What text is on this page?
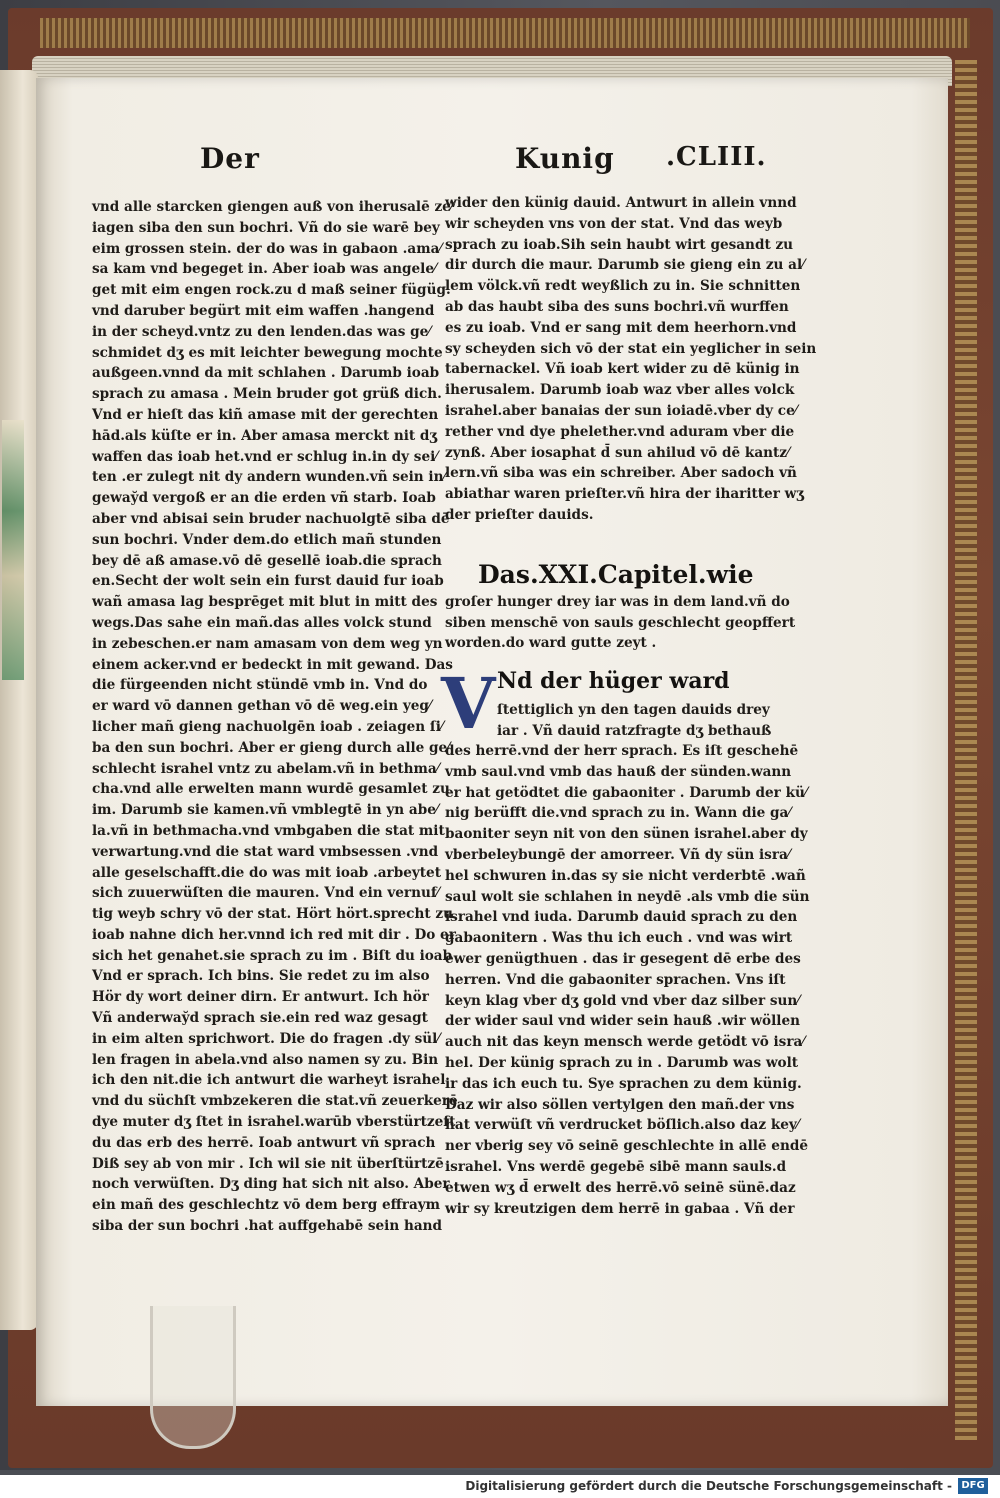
Der	Kunig .CLIII.
vnd alle starcken giengen auß von iherusalē ze⁄
iagen siba den sun bochri. Vñ do sie warē bey
eim grossen stein. der do was in gabaon .ama⁄
sa kam vnd begeget in. Aber ioab was angele⁄
get mit eim engen rock.zu d maß seiner fügüg.
vnd daruber begürt mit eim waffen .hangend
in der scheyd.vntz zu den lenden.das was ge⁄
schmidet dʒ es mit leichter bewegung mochte
außgeen.vnnd da mit schlahen . Darumb ioab
sprach zu amasa . Mein bruder got grüß dich.
Vnd er hieſt das kiñ amase mit der gerechten
hād.als küſte er in. Aber amasa merckt nit dʒ
waffen das ioab het.vnd er schlug in.in dy sei⁄
ten .er zulegt nit dy andern wunden.vñ sein in⁄
geway̆d vergoß er an die erden vñ starb. Ioab
aber vnd abisai sein bruder nachuolgtē siba dē
sun bochri. Vnder dem.do etlich mañ stunden
bey dē aß amase.vō dē gesellē ioab.die sprach
en.Secht der wolt sein ein furst dauid fur ioab
wañ amasa lag besprēget mit blut in mitt des
wegs.Das sahe ein mañ.das alles volck stund
in zebeschen.er nam amasam von dem weg yn
einem acker.vnd er bedeckt in mit gewand. Das
die fürgeenden nicht stündē vmb in. Vnd do
er ward vō dannen gethan vō dē weg.ein yeg⁄
licher mañ gieng nachuolgēn ioab . zeiagen ſi⁄
ba den sun bochri. Aber er gieng durch alle ge⁄
schlecht israhel vntz zu abelam.vñ in bethma⁄
cha.vnd alle erwelten mann wurdē gesamlet zu
im. Darumb sie kamen.vñ vmblegtē in yn abe⁄
la.vñ in bethmacha.vnd vmbgaben die stat mit
verwartung.vnd die stat ward vmbsessen .vnd
alle geselschafft.die do was mit ioab .arbeytet
sich zuuerwüſten die mauren. Vnd ein vernuf⁄
tig weyb schry vō der stat. Hört hört.sprecht zu
ioab nahne dich her.vnnd ich red mit dir . Do er
sich het genahet.sie sprach zu im . Biſt du ioab
Vnd er sprach. Ich bins. Sie redet zu im also
Hör dy wort deiner dirn. Er antwurt. Ich hör
Vñ anderway̆d sprach sie.ein red waz gesagt
in eim alten sprichwort. Die do fragen .dy sül⁄
len fragen in abela.vnd also namen sy zu. Bin
ich den nit.die ich antwurt die warheyt israhel
vnd du süchſt vmbzekeren die stat.vñ zeuerkerē
dye muter dʒ ſtet in israhel.warūb vberstürtzeſt
du das erb des herrē. Ioab antwurt vñ sprach
Diß sey ab von mir . Ich wil sie nit überſtürtzē
noch verwüſten. Dʒ ding hat sich nit also. Aber
ein mañ des geschlechtz vō dem berg effraym
siba der sun bochri .hat auffgehabē sein hand
wider den künig dauid. Antwurt in allein vnnd
wir scheyden vns von der stat. Vnd das weyb
sprach zu ioab.Sih sein haubt wirt gesandt zu
dir durch die maur. Darumb sie gieng ein zu al⁄
lem völck.vñ redt weyßlich zu in. Sie schnitten
ab das haubt siba des suns bochri.vñ wurffen
es zu ioab. Vnd er sang mit dem heerhorn.vnd
sy scheyden sich vō der stat ein yeglicher in sein
tabernackel. Vñ ioab kert wider zu dē künig in
iherusalem. Darumb ioab waz vber alles volck
israhel.aber banaias der sun ioiadē.vber dy ce⁄
rether vnd dye phelether.vnd aduram vber die
zynß. Aber iosaphat d̄ sun ahilud vō dē kantz⁄
lern.vñ siba was ein schreiber. Aber sadoch vñ
abiathar waren prieſter.vñ hira der iharitter wʒ
der prieſter dauids.
Das.XXI.Capitel.wie
groſer hunger drey iar was in dem land.vñ do
siben menschē von sauls geschlecht geopffert
worden.do ward gutte zeyt .
V Nd der hüger ward
ſtettiglich yn den tagen dauids drey
iar . Vñ dauid ratzfragte dʒ bethauß
des herrē.vnd der herr sprach. Es iſt geschehē
vmb saul.vnd vmb das hauß der sünden.wann
er hat getödtet die gabaoniter . Darumb der kü⁄
nig berüfft die.vnd sprach zu in. Wann die ga⁄
baoniter seyn nit von den sünen israhel.aber dy
vberbeleybungē der amorreer. Vñ dy sün isra⁄
hel schwuren in.das sy sie nicht verderbtē .wañ
saul wolt sie schlahen in neydē .als vmb die sün
israhel vnd iuda. Darumb dauid sprach zu den
gabaonitern . Was thu ich euch . vnd was wirt
ewer genügthuen . das ir gesegent dē erbe des
herren. Vnd die gabaoniter sprachen. Vns iſt
keyn klag vber dʒ gold vnd vber daz silber sun⁄
der wider saul vnd wider sein hauß .wir wöllen
auch nit das keyn mensch werde getödt vō isra⁄
hel. Der künig sprach zu in . Darumb was wolt
ir das ich euch tu. Sye sprachen zu dem künig.
Daz wir also söllen vertylgen den mañ.der vns
hat verwüſt vñ verdrucket böſlich.also daz key⁄
ner vberig sey vō seinē geschlechte in allē endē
israhel. Vns werdē gegebē sibē mann sauls.d
etwen wʒ d̄ erwelt des herrē.vō seinē sünē.daz
wir sy kreutzigen dem herrē in gabaa . Vñ der
Digitalisierung gefördert durch die Deutsche Forschungsgemeinschaft - DFG
